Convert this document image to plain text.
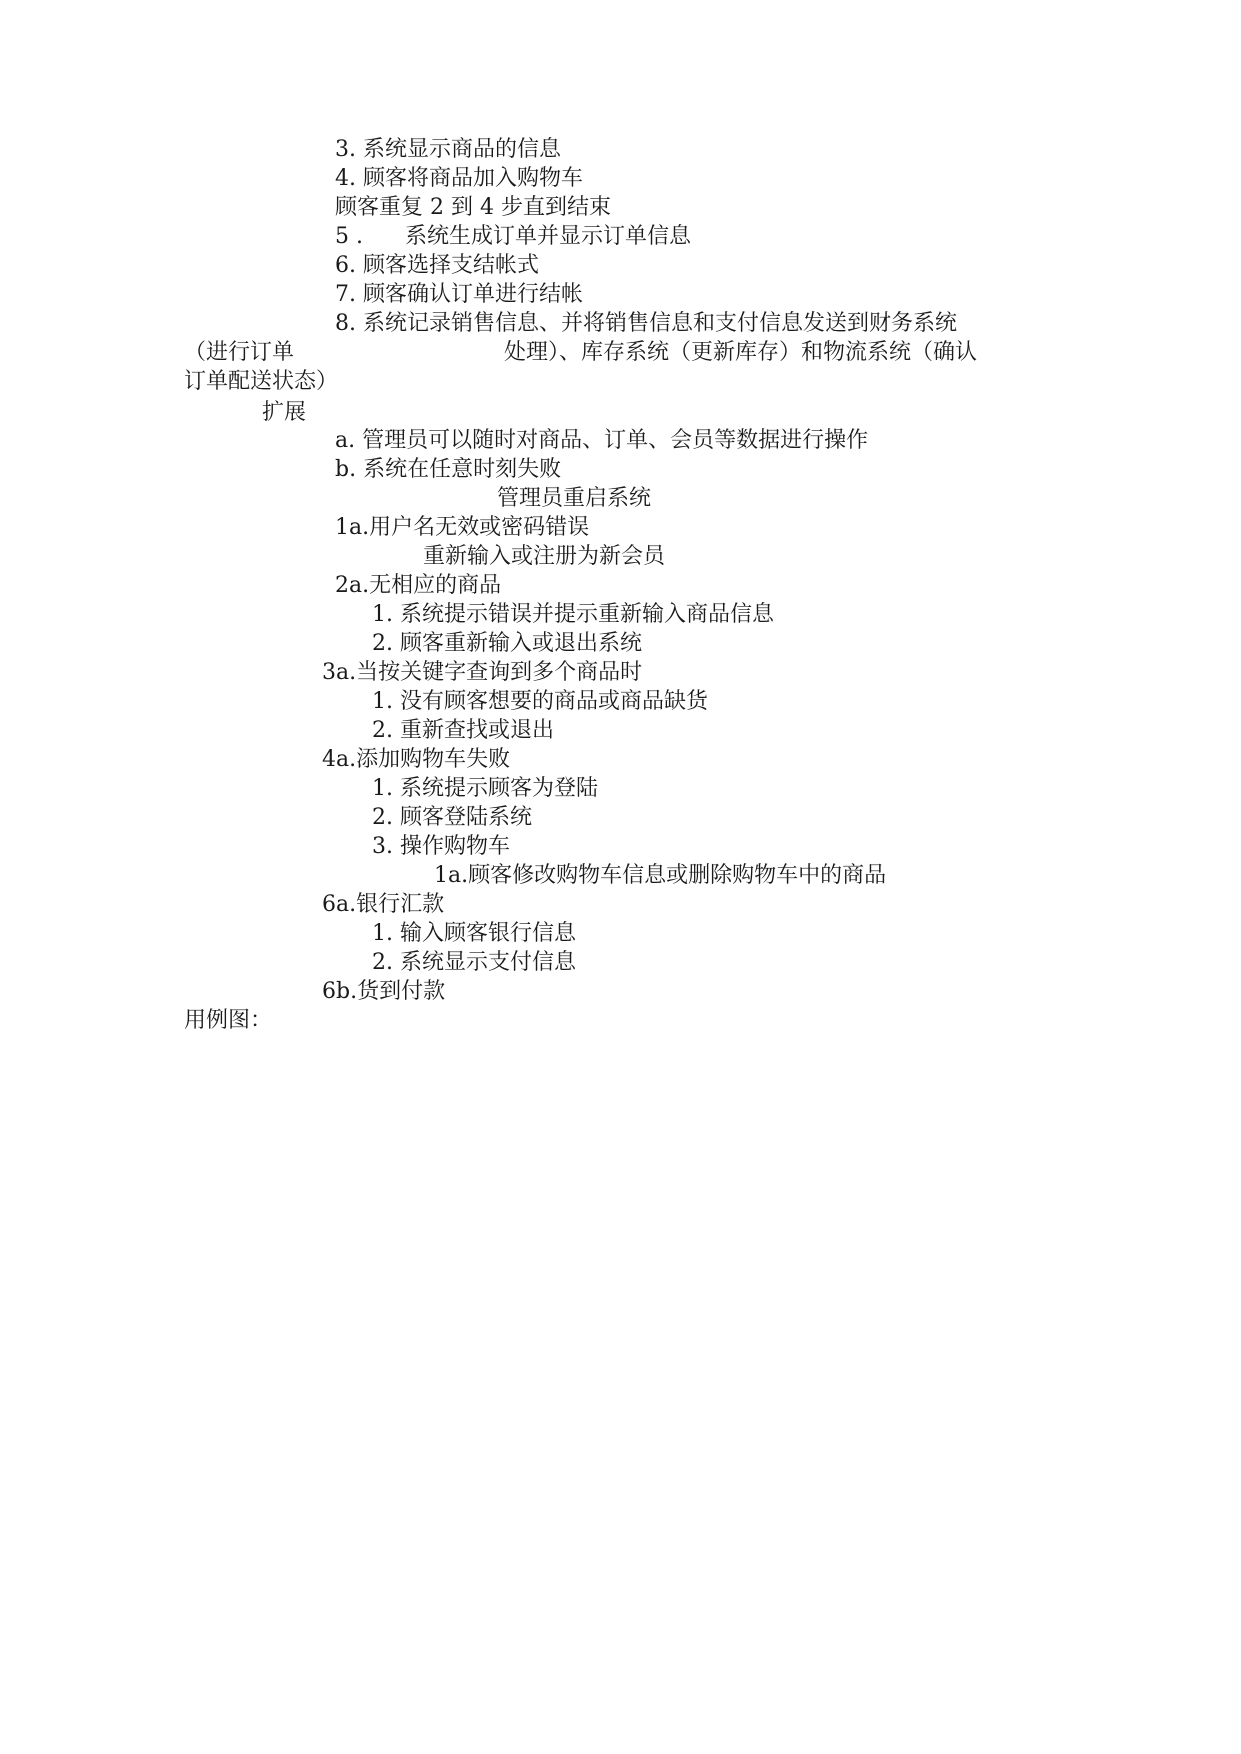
3. 系统显示商品的信息
4. 顾客将商品加入购物车
顾客重复 2 到 4 步直到结束
5 . 系统生成订单并显示订单信息
6. 顾客选择支结帐式
7. 顾客确认订单进行结帐
8. 系统记录销售信息、并将销售信息和支付信息发送到财务系统
（进行订单	处理）、库存系统（更新库存）和物流系统（确认
订单配送状态）
扩展
a. 管理员可以随时对商品、订单、会员等数据进行操作
b. 系统在任意时刻失败
管理员重启系统
1a.用户名无效或密码错误
重新输入或注册为新会员
2a.无相应的商品
1. 系统提示错误并提示重新输入商品信息
2. 顾客重新输入或退出系统
3a.当按关键字查询到多个商品时
1. 没有顾客想要的商品或商品缺货
2. 重新查找或退出
4a.添加购物车失败
1. 系统提示顾客为登陆
2. 顾客登陆系统
3. 操作购物车
1a.顾客修改购物车信息或删除购物车中的商品
6a.银行汇款
1. 输入顾客银行信息
2. 系统显示支付信息
6b.货到付款
用例图：
